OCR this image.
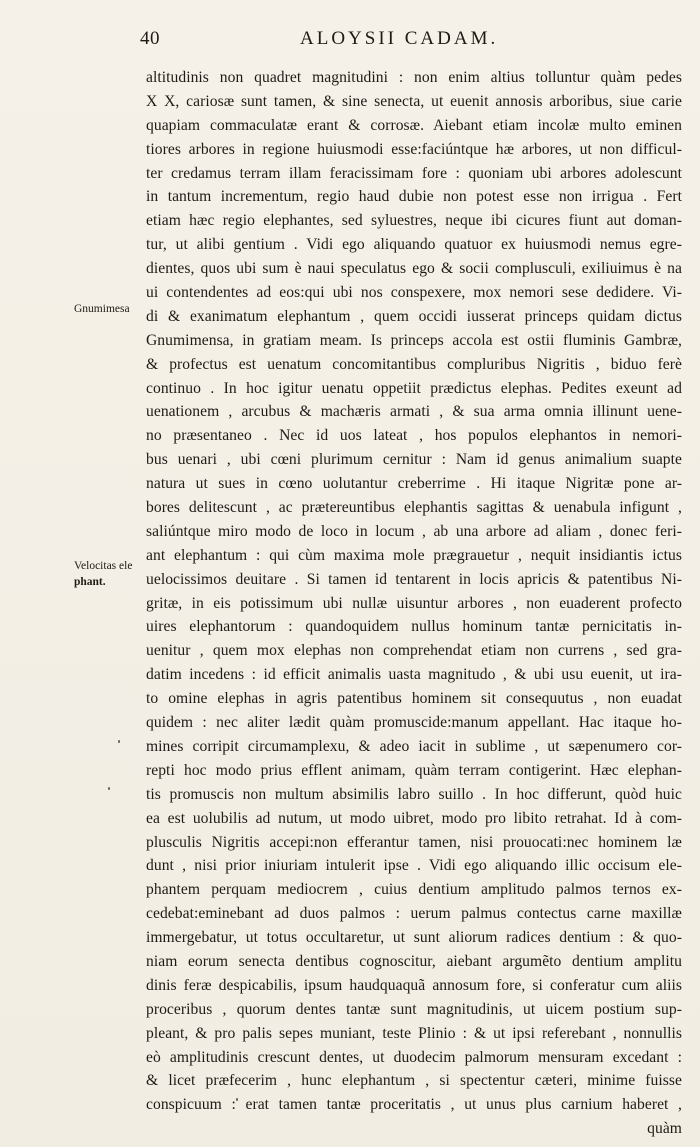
40	ALOYSII CADAM.
Gnumimesa
Velocitas ele
phant.
altitudinis non quadret magnitudini : non enim altius tolluntur quàm pedes
X X, cariosæ sunt tamen, & sine senecta, ut euenit annosis arboribus, siue carie
quapiam commaculatæ erant & corrosæ. Aiebant etiam incolæ multo eminen
tiores arbores in regione huiusmodi esse:faciúntque hæ arbores, ut non difficul-
ter credamus terram illam feracissimam fore : quoniam ubi arbores adolescunt
in tantum incrementum, regio haud dubie non potest esse non irrigua . Fert
etiam hæc regio elephantes, sed syluestres, neque ibi cicures fiunt aut doman-
tur, ut alibi gentium . Vidi ego aliquando quatuor ex huiusmodi nemus egre-
dientes, quos ubi sum è naui speculatus ego & socii complusculi, exiliuimus è na
ui contendentes ad eos:qui ubi nos conspexere, mox nemori sese dedidere. Vi-
di & exanimatum elephantum , quem occidi iusserat princeps quidam dictus
Gnumimensa, in gratiam meam. Is princeps accola est ostii fluminis Gambræ,
& profectus est uenatum concomitantibus compluribus Nigritis , biduo ferè
continuo . In hoc igitur uenatu oppetiit prædictus elephas. Pedites exeunt ad
uenationem , arcubus & machæris armati , & sua arma omnia illinunt uene-
no præsentaneo . Nec id uos lateat , hos populos elephantos in nemori-
bus uenari , ubi cœni plurimum cernitur : Nam id genus animalium suapte
natura ut sues in cœno uolutantur creberrime . Hi itaque Nigritæ pone ar-
bores delitescunt , ac prætereuntibus elephantis sagittas & uenabula infigunt ,
saliúntque miro modo de loco in locum , ab una arbore ad aliam , donec feri-
ant elephantum : qui cùm maxima mole prægrauetur , nequit insidiantis ictus
uelocissimos deuitare . Si tamen id tentarent in locis apricis & patentibus Ni-
gritæ, in eis potissimum ubi nullæ uisuntur arbores , non euaderent profecto
uires elephantorum : quandoquidem nullus hominum tantæ pernicitatis in-
uenitur , quem mox elephas non comprehendat etiam non currens , sed gra-
datim incedens : id efficit animalis uasta magnitudo , & ubi usu euenit, ut ira-
to omine elephas in agris patentibus hominem sit consequutus , non euadat
quidem : nec aliter lædit quàm promuscide:manum appellant. Hac itaque ho-
mines corripit circumamplexu, & adeo iacit in sublime , ut sæpenumero cor-
repti hoc modo prius efflent animam, quàm terram contigerint. Hæc elephan-
tis promuscis non multum absimilis labro suillo . In hoc differunt, quòd huic
ea est uolubilis ad nutum, ut modo uibret, modo pro libito retrahat. Id à com-
plusculis Nigritis accepi:non efferantur tamen, nisi prouocati:nec hominem læ
dunt , nisi prior iniuriam intulerit ipse . Vidi ego aliquando illic occisum ele-
phantem perquam mediocrem , cuius dentium amplitudo palmos ternos ex-
cedebat:eminebant ad duos palmos : uerum palmus contectus carne maxillæ
immergebatur, ut totus occultaretur, ut sunt aliorum radices dentium : & quo-
niam eorum senecta dentibus cognoscitur, aiebant argumẽto dentium amplitu
dinis feræ despicabilis, ipsum haudquaquã annosum fore, si conferatur cum aliis
proceribus , quorum dentes tantæ sunt magnitudinis, ut uicem postium sup-
pleant, & pro palis sepes muniant, teste Plinio : & ut ipsi referebant , nonnullis
eò amplitudinis crescunt dentes, ut duodecim palmorum mensuram excedant :
& licet præfecerim , hunc elephantum , si spectentur cæteri, minime fuisse
conspicuum : erat tamen tantæ proceritatis , ut unus plus carnium haberet ,
quàm
